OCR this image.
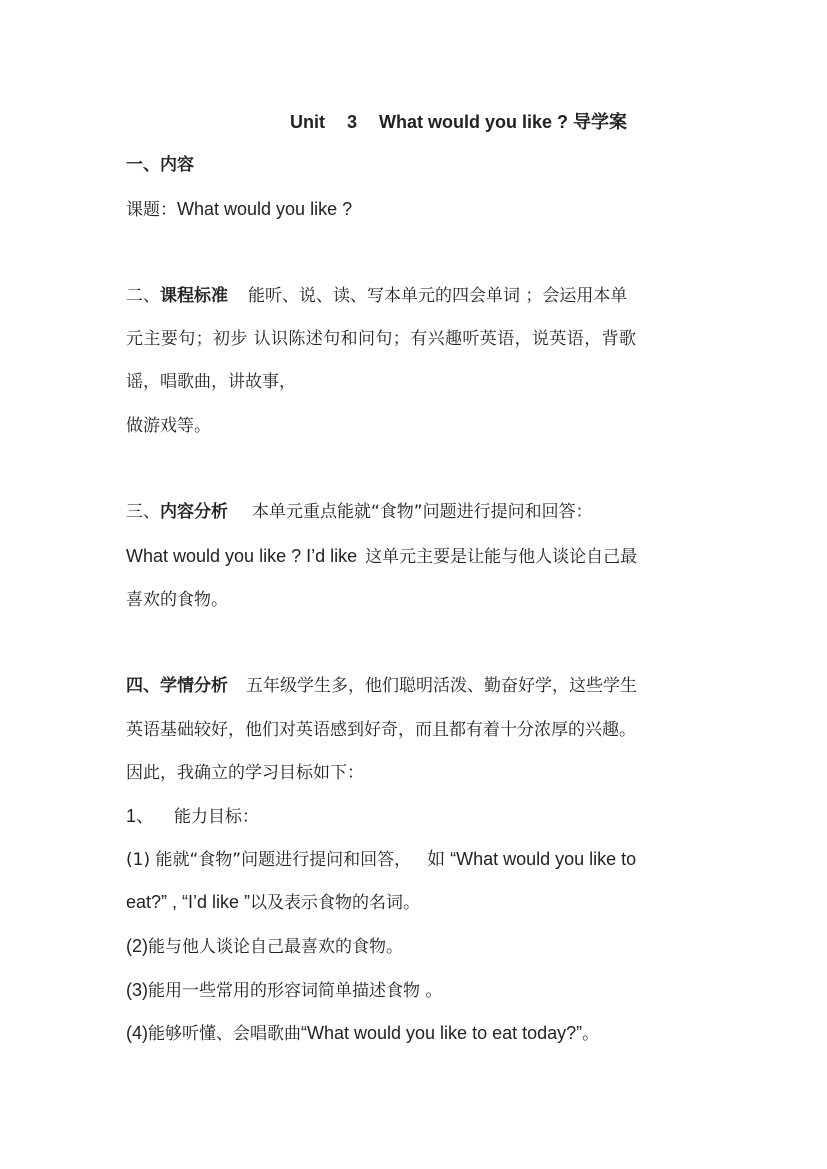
Unit 3 What would you like ? 导学案
一、内容
课题：What would you like ?
二、课程标准 能听、说、读、写本单元的四会单词 ；会运用本单
元主要句；初步 认识陈述句和问句；有兴趣听英语，说英语，背歌
谣，唱歌曲，讲故事，
做游戏等。
三、内容分析 本单元重点能就“食物”问题进行提问和回答：
What would you like ? I’d like 这单元主要是让能与他人谈论自己最
喜欢的食物。
四、学情分析 五年级学生多，他们聪明活泼、勤奋好学，这些学生
英语基础较好，他们对英语感到好奇，而且都有着十分浓厚的兴趣。
因此，我确立的学习目标如下：
1、 能力目标：
(1) 能就“食物”问题进行提问和回答， 如 “What would you like to
eat?” , “I’d like ”以及表示食物的名词。
(2)能与他人谈论自己最喜欢的食物。
(3)能用一些常用的形容词简单描述食物 。
(4)能够听懂、会唱歌曲“What would you like to eat today?”。
